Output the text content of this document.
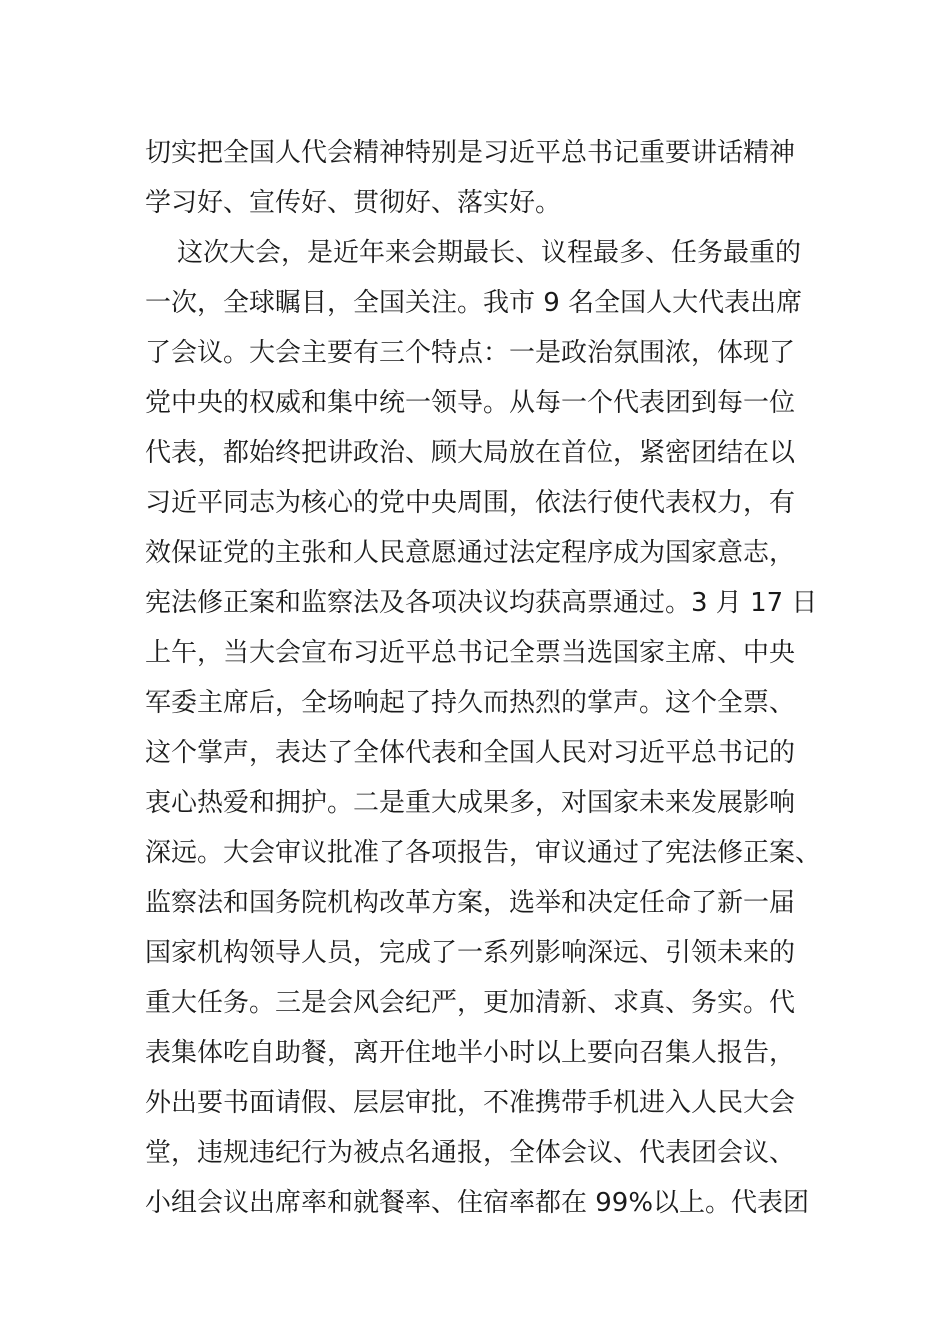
切实把全国人代会精神特别是习近平总书记重要讲话精神
学习好、宣传好、贯彻好、落实好。
这次大会，是近年来会期最长、议程最多、任务最重的
一次，全球瞩目，全国关注。我市 9 名全国人大代表出席
了会议。大会主要有三个特点：一是政治氛围浓，体现了
党中央的权威和集中统一领导。从每一个代表团到每一位
代表，都始终把讲政治、顾大局放在首位，紧密团结在以
习近平同志为核心的党中央周围，依法行使代表权力，有
效保证党的主张和人民意愿通过法定程序成为国家意志，
宪法修正案和监察法及各项决议均获高票通过。3 月 17 日
上午，当大会宣布习近平总书记全票当选国家主席、中央
军委主席后，全场响起了持久而热烈的掌声。这个全票、
这个掌声，表达了全体代表和全国人民对习近平总书记的
衷心热爱和拥护。二是重大成果多，对国家未来发展影响
深远。大会审议批准了各项报告，审议通过了宪法修正案、
监察法和国务院机构改革方案，选举和决定任命了新一届
国家机构领导人员，完成了一系列影响深远、引领未来的
重大任务。三是会风会纪严，更加清新、求真、务实。代
表集体吃自助餐，离开住地半小时以上要向召集人报告，
外出要书面请假、层层审批，不准携带手机进入人民大会
堂，违规违纪行为被点名通报，全体会议、代表团会议、
小组会议出席率和就餐率、住宿率都在 99%以上。代表团
